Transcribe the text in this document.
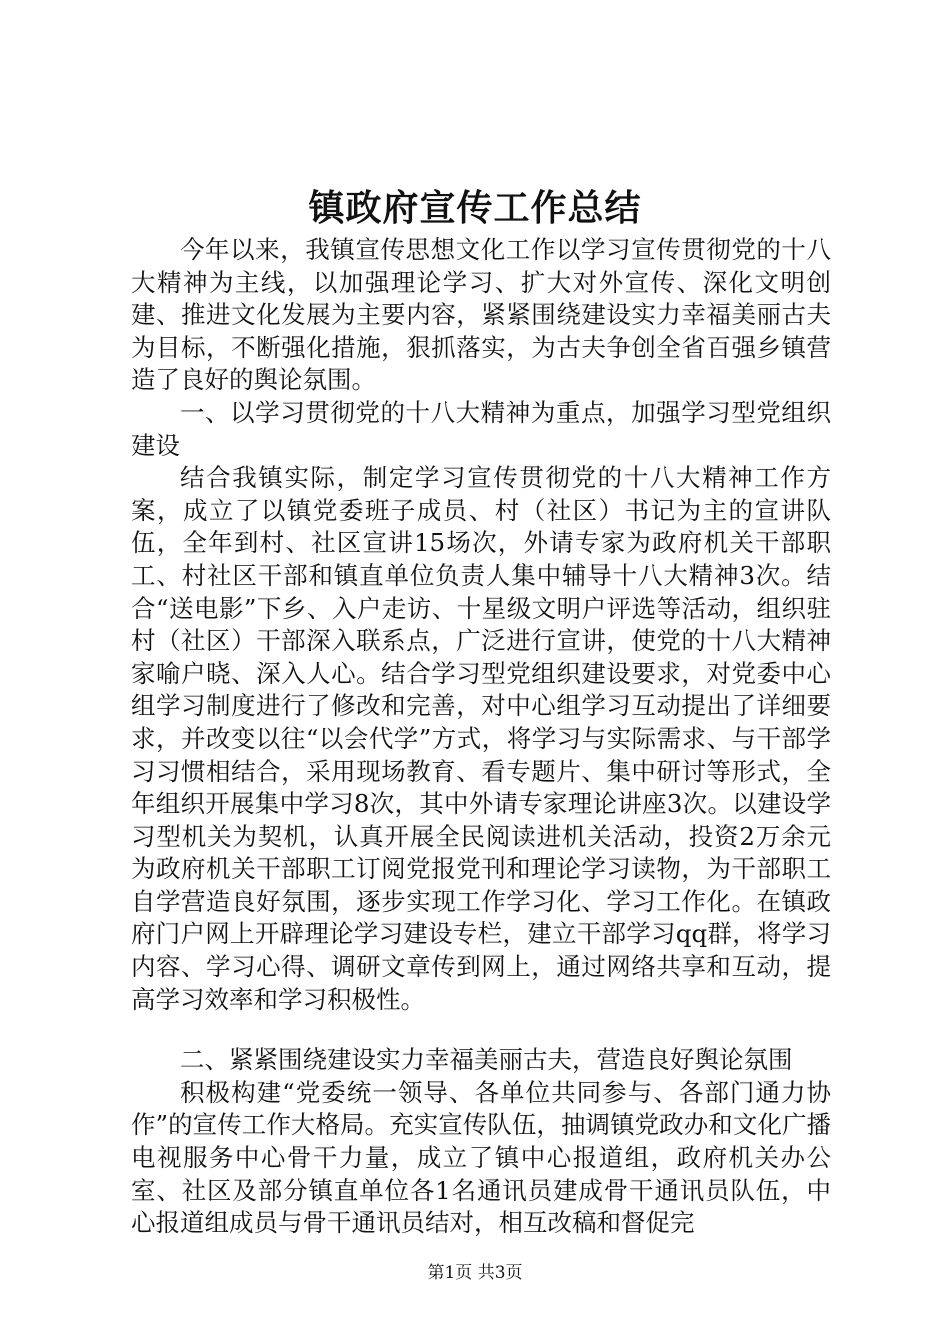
镇政府宣传工作总结

今年以来，我镇宣传思想文化工作以学习宣传贯彻党的十八大精神为主线，以加强理论学习、扩大对外宣传、深化文明创建、推进文化发展为主要内容，紧紧围绕建设实力幸福美丽古夫为目标，不断强化措施，狠抓落实，为古夫争创全省百强乡镇营造了良好的舆论氛围。

一、以学习贯彻党的十八大精神为重点，加强学习型党组织建设

结合我镇实际，制定学习宣传贯彻党的十八大精神工作方案，成立了以镇党委班子成员、村（社区）书记为主的宣讲队伍，全年到村、社区宣讲15场次，外请专家为政府机关干部职工、村社区干部和镇直单位负责人集中辅导十八大精神3次。结合“送电影”下乡、入户走访、十星级文明户评选等活动，组织驻村（社区）干部深入联系点，广泛进行宣讲，使党的十八大精神家喻户晓、深入人心。结合学习型党组织建设要求，对党委中心组学习制度进行了修改和完善，对中心组学习互动提出了详细要求，并改变以往“以会代学”方式，将学习与实际需求、与干部学习习惯相结合，采用现场教育、看专题片、集中研讨等形式，全年组织开展集中学习8次，其中外请专家理论讲座3次。以建设学习型机关为契机，认真开展全民阅读进机关活动，投资2万余元为政府机关干部职工订阅党报党刊和理论学习读物，为干部职工自学营造良好氛围，逐步实现工作学习化、学习工作化。在镇政府门户网上开辟理论学习建设专栏，建立干部学习qq群，将学习内容、学习心得、调研文章传到网上，通过网络共享和互动，提高学习效率和学习积极性。

二、紧紧围绕建设实力幸福美丽古夫，营造良好舆论氛围

积极构建“党委统一领导、各单位共同参与、各部门通力协作”的宣传工作大格局。充实宣传队伍，抽调镇党政办和文化广播电视服务中心骨干力量，成立了镇中心报道组，政府机关办公室、社区及部分镇直单位各1名通讯员建成骨干通讯员队伍，中心报道组成员与骨干通讯员结对，相互改稿和督促完

第1页 共3页
